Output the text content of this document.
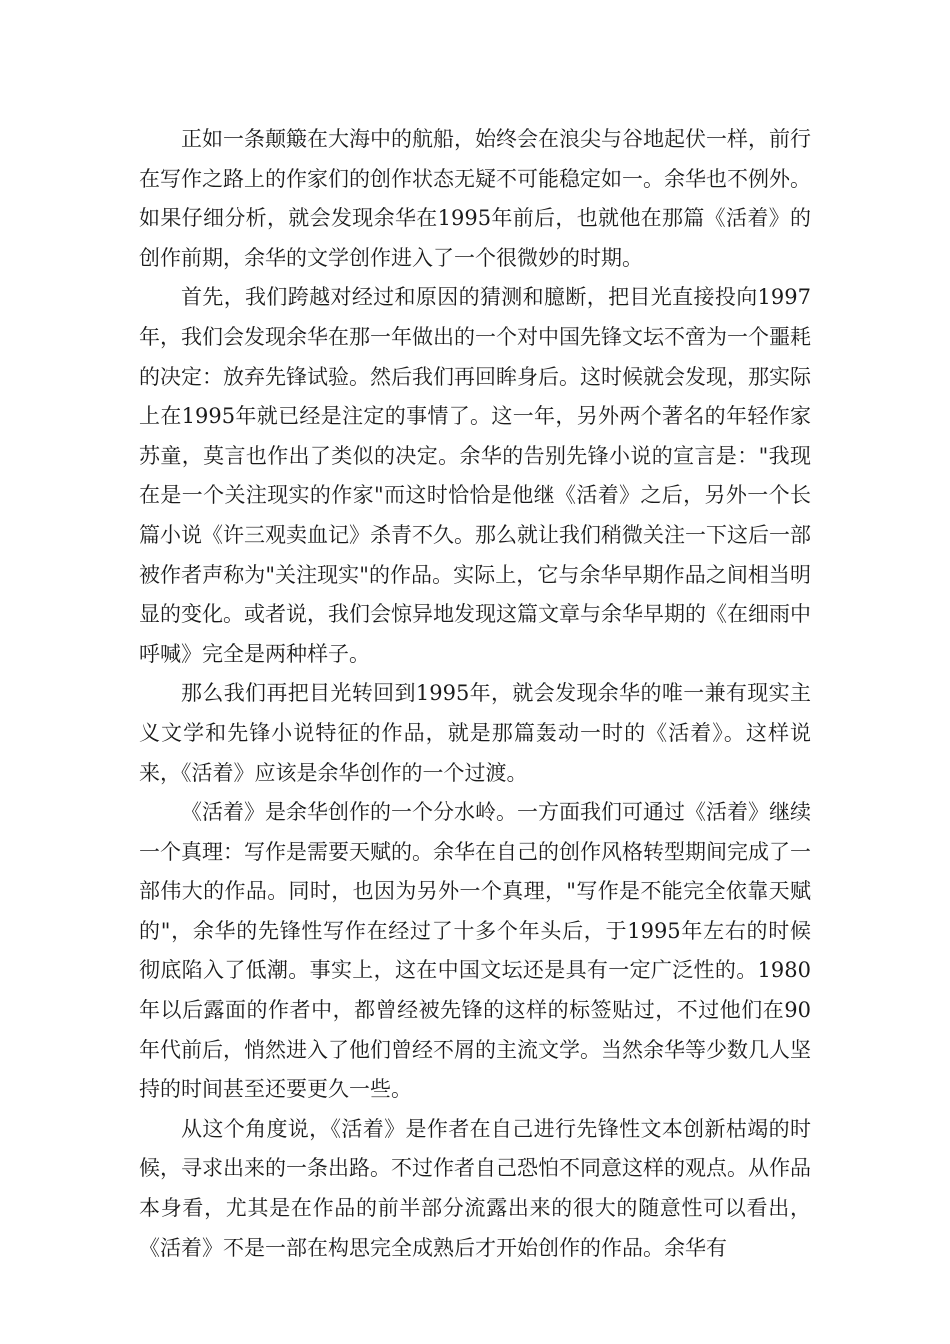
正如一条颠簸在大海中的航船，始终会在浪尖与谷地起伏一样，前行在写作之路上的作家们的创作状态无疑不可能稳定如一。余华也不例外。如果仔细分析，就会发现余华在1995年前后，也就他在那篇《活着》的创作前期，余华的文学创作进入了一个很微妙的时期。

首先，我们跨越对经过和原因的猜测和臆断，把目光直接投向1997年，我们会发现余华在那一年做出的一个对中国先锋文坛不啻为一个噩耗的决定：放弃先锋试验。然后我们再回眸身后。这时候就会发现，那实际上在1995年就已经是注定的事情了。这一年，另外两个著名的年轻作家苏童，莫言也作出了类似的决定。余华的告别先锋小说的宣言是："我现在是一个关注现实的作家"而这时恰恰是他继《活着》之后，另外一个长篇小说《许三观卖血记》杀青不久。那么就让我们稍微关注一下这后一部被作者声称为"关注现实"的作品。实际上，它与余华早期作品之间相当明显的变化。或者说，我们会惊异地发现这篇文章与余华早期的《在细雨中呼喊》完全是两种样子。

那么我们再把目光转回到1995年，就会发现余华的唯一兼有现实主义文学和先锋小说特征的作品，就是那篇轰动一时的《活着》。这样说来，《活着》应该是余华创作的一个过渡。

《活着》是余华创作的一个分水岭。一方面我们可通过《活着》继续一个真理：写作是需要天赋的。余华在自己的创作风格转型期间完成了一部伟大的作品。同时，也因为另外一个真理，"写作是不能完全依靠天赋的"，余华的先锋性写作在经过了十多个年头后，于1995年左右的时候彻底陷入了低潮。事实上，这在中国文坛还是具有一定广泛性的。1980年以后露面的作者中，都曾经被先锋的这样的标签贴过，不过他们在90年代前后，悄然进入了他们曾经不屑的主流文学。当然余华等少数几人坚持的时间甚至还要更久一些。

从这个角度说，《活着》是作者在自己进行先锋性文本创新枯竭的时候，寻求出来的一条出路。不过作者自己恐怕不同意这样的观点。从作品本身看，尤其是在作品的前半部分流露出来的很大的随意性可以看出，《活着》不是一部在构思完全成熟后才开始创作的作品。余华有
